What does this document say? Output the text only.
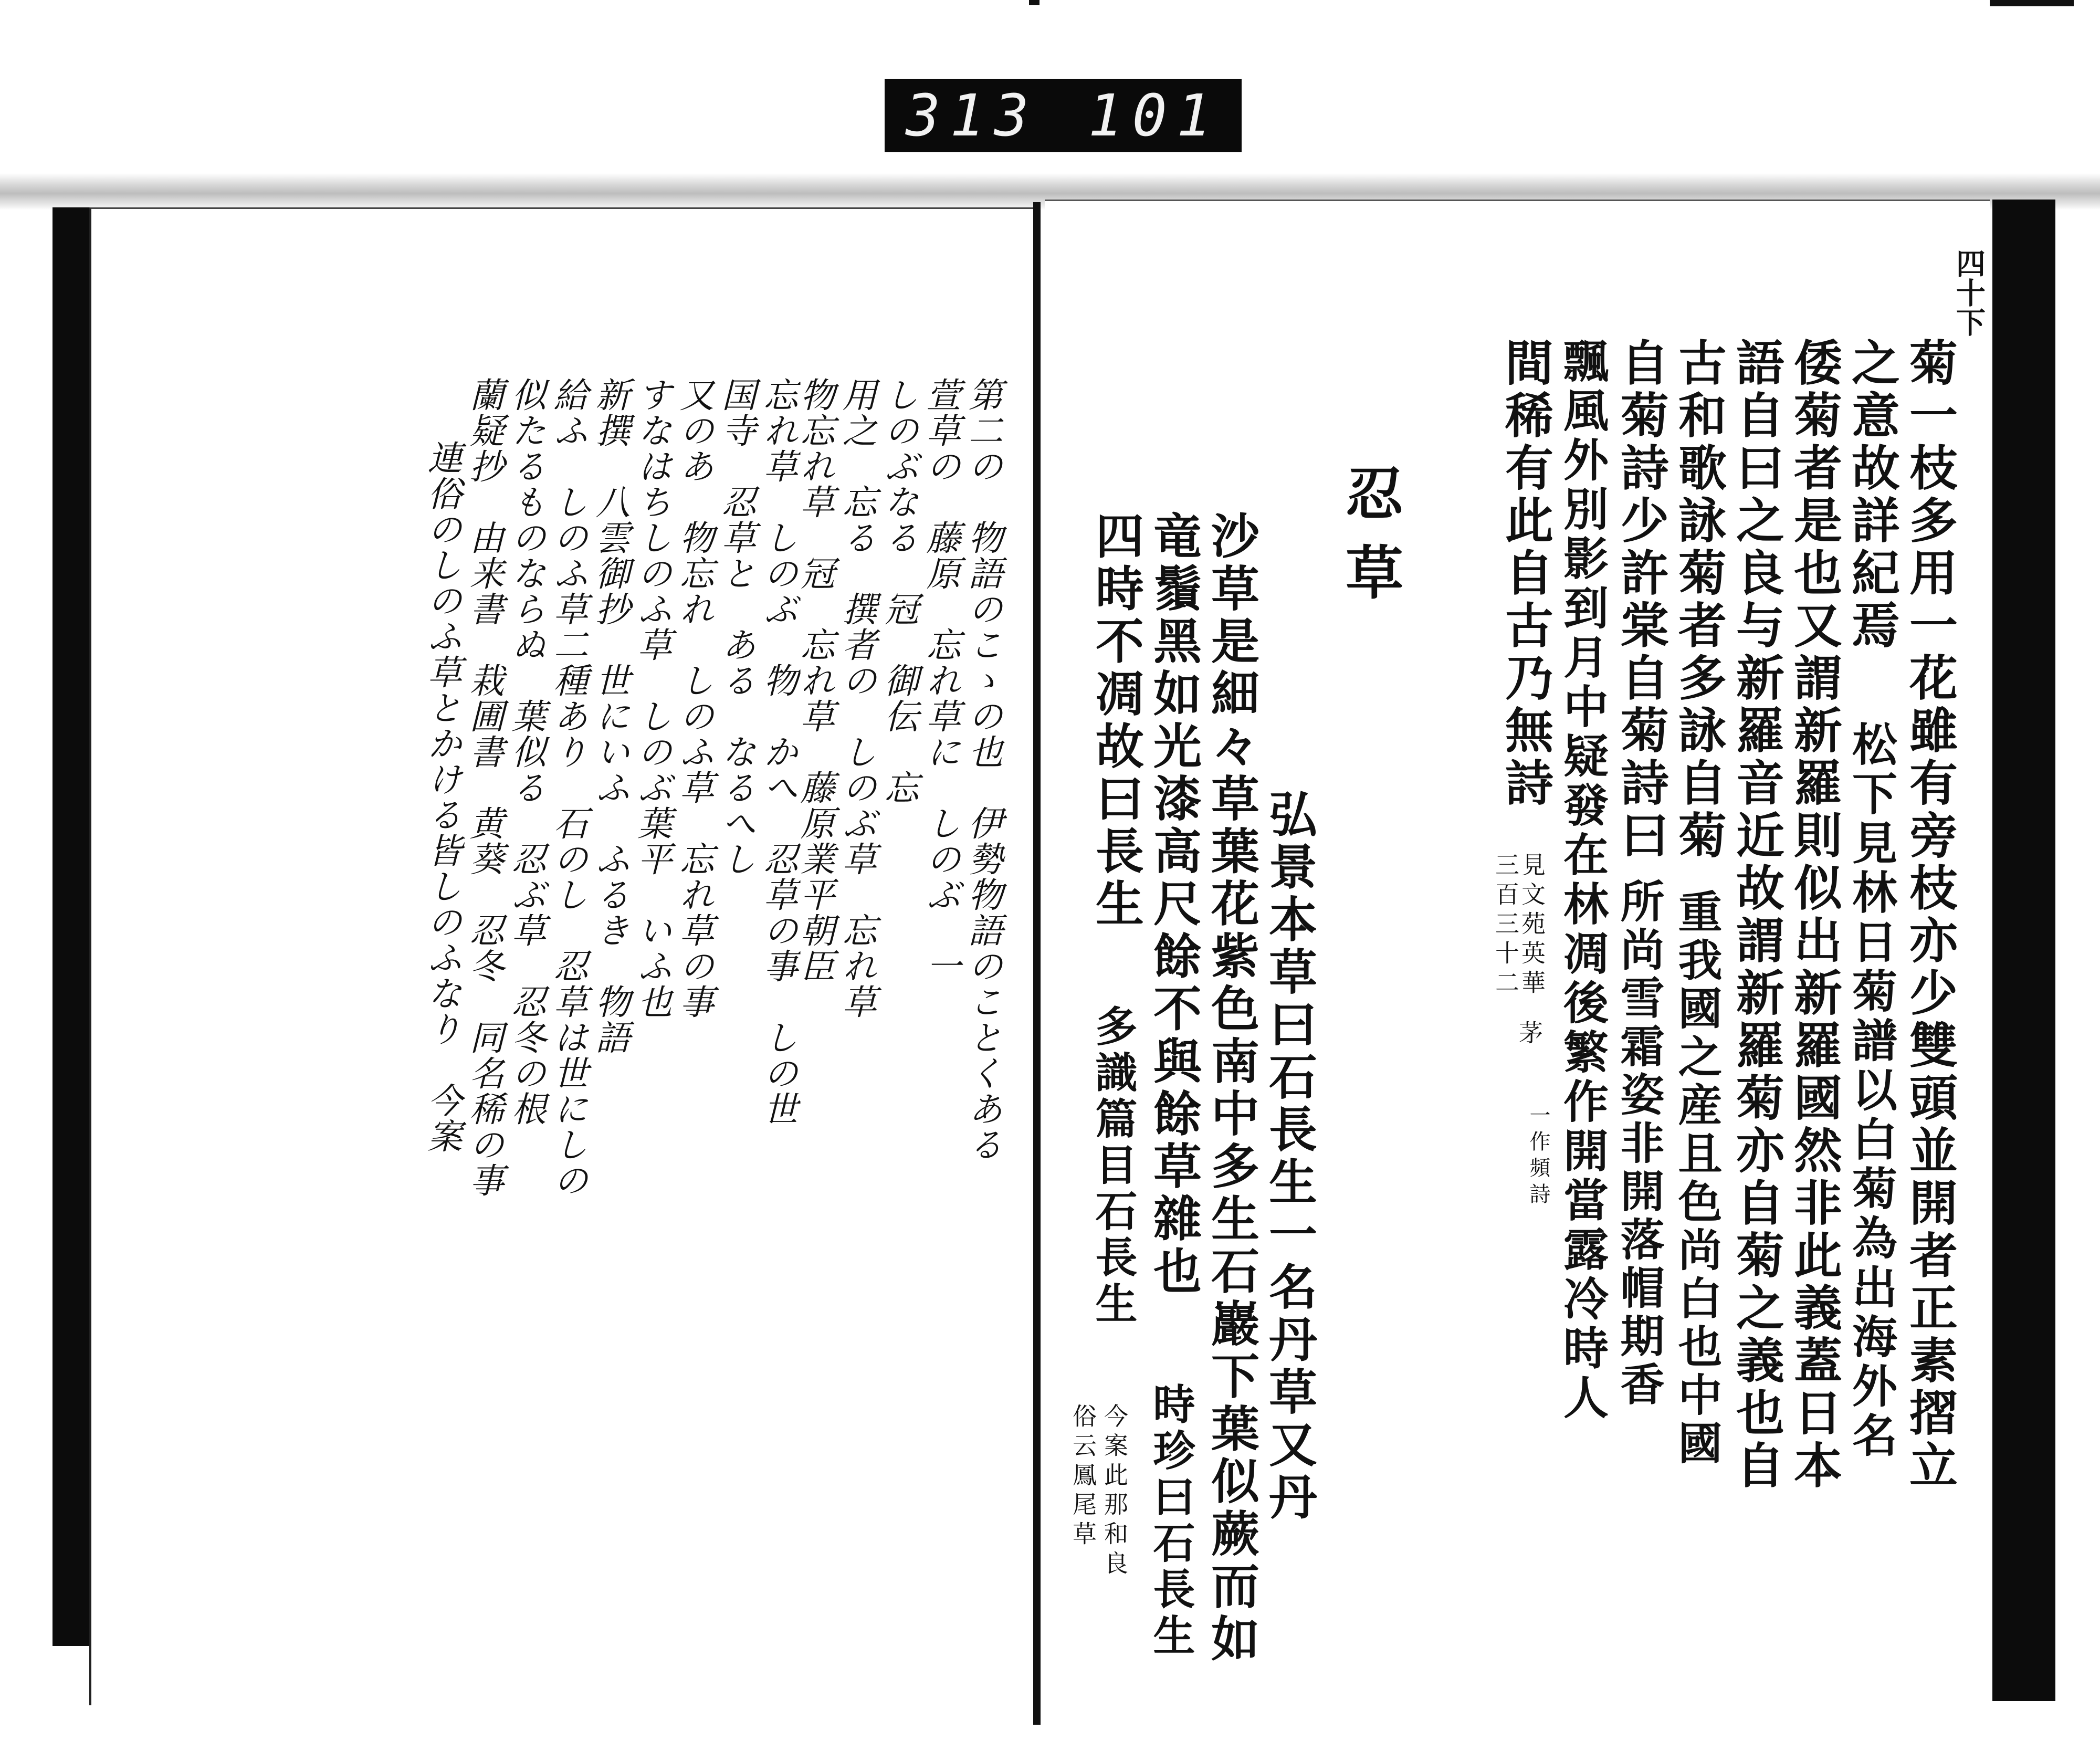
313 101
連俗のしのふ草とかける皆しのふなり　今案 蘭疑抄　由来書　栽圃書　黄葵　忍冬　同名稀の事 似たるものならぬ　葉似る　忍ぶ草　忍冬の根 給ふ　しのふ草二種あり　石のし　忍草は世にしの 新撰　八雲御抄　世にいふ　ふるき　物語 すなはちしのふ草　しのぶ葉平　いふ也 又のあ　物忘れ　しのふ草　忘れ草の事 国寺　忍草と　ある　なるへし 忘れ草　しのぶ　物　かへ　忍草の事　しの世
物忘れ草　冠　忘れ草　藤原業平朝臣 用之　忘る　撰者の　しのぶ草　忘れ草 しのぶなる　冠　御伝　忘 萱草の　藤原　忘れ草に　しのぶ　一 第二の　物語のこゝの也　伊勢物語のことくある
四十下
菊一枝多用一花雖有旁枝亦少雙頭並開者正素摺立
之意故詳紀焉
松下見林日菊譜以白菊為出海外名
倭菊者是也又謂新羅則似出新羅國然非此義蓋日本
語自曰之良与新羅音近故謂新羅菊亦自菊之義也自
古和歌詠菊者多詠自菊
重我國之産且色尚白也中國
自菊詩少許棠自菊詩曰
所尚雪霜姿非開落帽期香
飄風外別影到月中疑發在林凋後繁作開當露冷時人
間稀有此自古乃無詩
見文苑英華
三百三十二
茅
一作頻詩
忍草
弘景本草曰石長生一名丹草又丹
沙草是細々草葉花紫色南中多生石巖下葉似蕨而如
竜鬚黑如光漆高尺餘不與餘草雜也
時珍曰石長生
四時不凋故曰長生
多識篇目石長生
今案此那和良
俗云鳳尾草
